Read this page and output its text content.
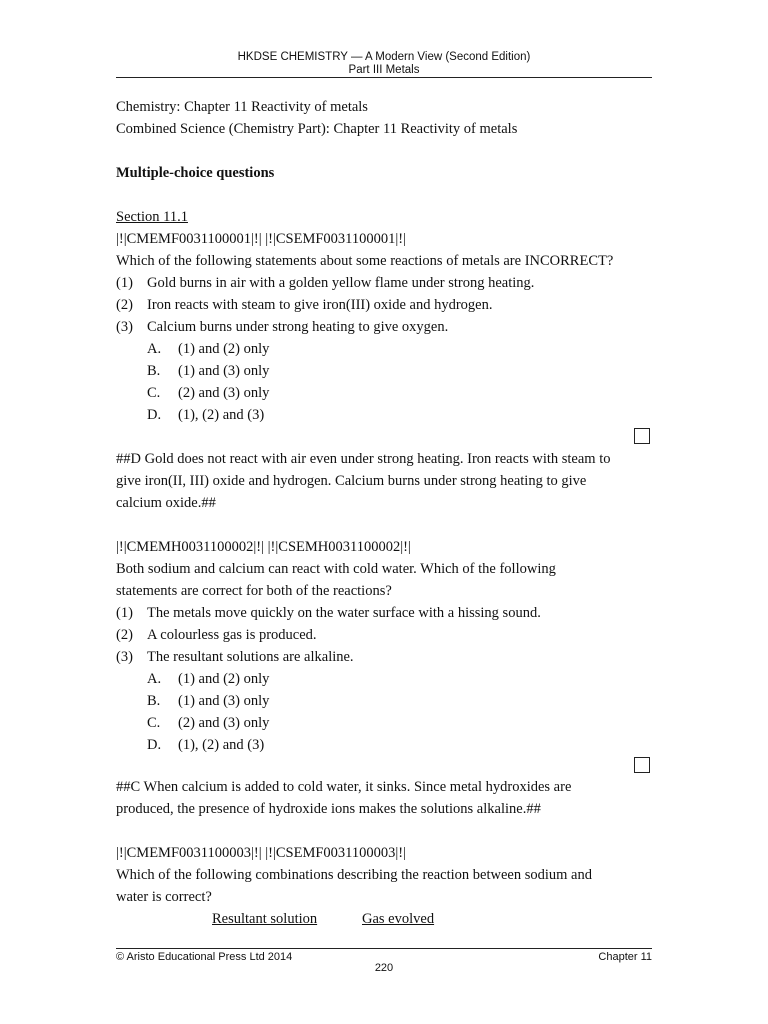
HKDSE CHEMISTRY — A Modern View (Second Edition)
Part III Metals
Chemistry: Chapter 11 Reactivity of metals
Combined Science (Chemistry Part): Chapter 11 Reactivity of metals
Multiple-choice questions
Section 11.1
|!|CMEMF0031100001|!| |!|CSEMF0031100001|!|
Which of the following statements about some reactions of metals are INCORRECT?
(1) Gold burns in air with a golden yellow flame under strong heating.
(2) Iron reacts with steam to give iron(III) oxide and hydrogen.
(3) Calcium burns under strong heating to give oxygen.
A. (1) and (2) only
B. (1) and (3) only
C. (2) and (3) only
D. (1), (2) and (3)
##D Gold does not react with air even under strong heating. Iron reacts with steam to
give iron(II, III) oxide and hydrogen. Calcium burns under strong heating to give
calcium oxide.##
|!|CMEMH0031100002|!| |!|CSEMH0031100002|!|
Both sodium and calcium can react with cold water. Which of the following
statements are correct for both of the reactions?
(1) The metals move quickly on the water surface with a hissing sound.
(2) A colourless gas is produced.
(3) The resultant solutions are alkaline.
A. (1) and (2) only
B. (1) and (3) only
C. (2) and (3) only
D. (1), (2) and (3)
##C When calcium is added to cold water, it sinks. Since metal hydroxides are
produced, the presence of hydroxide ions makes the solutions alkaline.##
|!|CMEMF0031100003|!| |!|CSEMF0031100003|!|
Which of the following combinations describing the reaction between sodium and
water is correct?
Resultant solution	Gas evolved
© Aristo Educational Press Ltd 2014	Chapter 11
220
